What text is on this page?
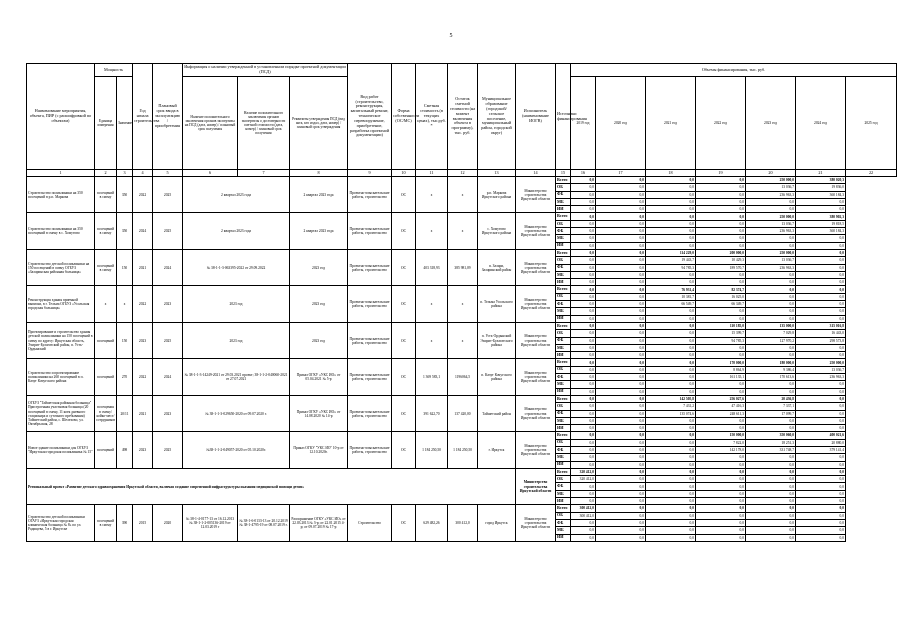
5
Наименование мероприятия, объекта, ПИР (с расшифровкой по объектам)	Мощность		Год начала строительства	Плановый срок ввода в эксплуатацию / приобретения	Информация о наличии утвержденной в установленном порядке проектной документации (ПСД)			Вид работ (строительство, реконструкция, капитальный ремонт, техническое перевооружение, приобретение, разработка проектной документации)	Форма собственности (ОС/МС)	Сметная стоимость (в текущих ценах), тыс.руб. *	Остаток сметной стоимости (на момент включения объекта в программу), тыс. руб.	Муниципальное образование (городской/сельское поселение, муниципальный район, городской округ)	Исполнитель (наименование ИОГВ)	Источники финансирования	Объемы финансирования, тыс. руб.						
	Единица измерения	Значение			Наличие положительного заключения органов экспертизы на ПСД (дата, номер) / плановый срок получения	Наличие положительного заключения органов экспертизы о достоверности сметной стоимости (дата, номер) / плановый срок получения	Реквизиты утверждения ПСД (вид акта, кто издал, дата, номер) / плановый срок утверждения								2019 год	2020 год	2021 год	2022 год	2023 год	2024 год	2025 год
1	2	3	4	5	6	7	8	9	10	11	12	13	14	15	16	17	18	19	20	21	22
Строительство поликлиники на 350 посещений в р.п. Маркова	посещений в смену	350	2022	2025	2 квартал 2023 года		2 квартал 2023 года	Проектно-изыскательские работы, строительство	ОС	х	х	р.п. Маркова Иркутского района	Министерство строительства Иркутской области	Всего	0,0	0,0	0,0	0,0	250 000,0	380 020,3	
														ОБ	0,0	0,0	0,0	0,0	13 036,7	19 836,0	
														ФБ	0,0	0,0	0,0	0,0	236 963,3	360 184,3	
														МБ	0,0	0,0	0,0	0,0	0,0	0,0	
														ИИ	0,0	0,0	0,0	0,0	0,0	0,0	
Строительство поликлиники на 350 посещений в смену в с. Хомутово	посещений в смену	350	2024	2025	2 квартал 2023 года		2 квартал 2023 года	Проектно-изыскательские работы, строительство	ОС	х	х	с. Хомутово Иркутского района	Министерство строительства Иркутской области	Всего	0,0	0,0	0,0	0,0	250 000,0	380 902,3	
														ОБ	0,0	0,0	0,0	0,0	13 036,7	19 818,5	
														ФБ	0,0	0,0	0,0	0,0	236 963,3	360 184,3	
														МБ	0,0	0,0	0,0	0,0	0,0	0,0	
														ИИ	0,0	0,0	0,0	0,0	0,0	0,0	
Строительство детской поликлиники на 150 посещений в смену ОГБУЗ «Заларинская районная больница»	посещений в смену	150	2021	2024	№ 38-1-1-3-063395-2022 от 29.09.2022		2023 год	Проектно-изыскательские работы, строительство	ОС	403 318,93	385 981,09	п. Залари, Заларинский район	Министерство строительства Иркутской области	Всего	0,0	0,0	114 229,0	200 000,0	250 000,0	0,0	
														ОБ	0,0	0,0	19 443,7	10 429,3	13 036,7	0,0	
														ФБ	0,0	0,0	94 785,3	189 570,7	236 963,3	0,0	
														МБ	0,0	0,0	0,0	0,0	0,0	0,0	
														ИИ	0,0	0,0	0,0	0,0	0,0	0,0	
Реконструкция здания приемной выписки, в г. Тельма ОГБУЗ «Усольская городская больница»	х	х	2022	2023	2023 год		2023 год	Проектно-изыскательские работы, строительство	ОС	х	х	п. Тельма Усольского района	Министерство строительства Иркутской области	Всего	0,0	0,0	76 931,4	82 374,7	0,0	0,0	
														ОБ	0,0	0,0	10 381,7	16 025,0	0,0	0,0	
														ФБ	0,0	0,0	66 549,7	66 349,7	0,0	0,0	
														МБ	0,0	0,0	0,0	0,0	0,0	0,0	
														ИИ	0,0	0,0	0,0	0,0	0,0	0,0	
Проектирование и строительство здания детской поликлиники на 150 посещений в смену по адресу: Иркутская область, Эхирит-Булагатский район, п. Усть-Ордынский	посещений	150	2023	2025	2023 год		2023 год	Проектно-изыскательские работы, строительство	ОС	х	х	п. Усть-Ордынский Эхирит-Булагатского района	Министерство строительства Иркутской области	Всего	0,0	0,0	0,0	110 185,0	135 000,0	315 016,8	
														ОБ	0,0	0,0	0,0	15 399,7	7 029,8	16 443,0	
														ФБ	0,0	0,0	0,0	94 785,3	127 970,2	298 573,8	
														МБ	0,0	0,0	0,0	0,0	0,0	0,0	
														ИИ	0,0	0,0	0,0	0,0	0,0	0,0	
Строительство и проектирование поликлиники на 260 посещений в п. Качуг Качугского района	посещений	270	2022	2024	№ 38-1-1-3-14249-2021 от 29.03.2021 проект; 38-1-1-2-040060-2021 от 27.07.2021		Приказ ОГКУ «УКС ИО» от 05.04.2021 № 5-р	Проектно-изыскательские работы, строительство	ОС	1 369 583,1	1196064,5	п. Качуг Качугского района	Министерство строительства Иркутской области	Всего	0,0	0,0	0,0	170 000,0	180 000,0	250 000,0	
														ОБ	0,0	0,0	0,0	8 864,9	9 386,4	13 036,7	
														ФБ	0,0	0,0	0,0	161 135,1	170 613,6	236 963,3	
														МБ	0,0	0,0	0,0	0,0	0,0	0,0	
														ИИ	0,0	0,0	0,0	0,0	0,0	0,0	
ОГБУЗ "Тайшетская районная больница" Пристроенная участковая больница (20 посещений в смену, 11 коек дневного стационара и суточного пребывания) Тайшетский район, с. Шелехово, ул. Октябрьская, 28	посещения в смену/койко-мест/сотрудников	20/11	2021	2023	№ 38-1-1-3-029650-2020 от 09.07.2020 г.		Приказ ОГКУ «УКС ИО» от 14.08.2020 № 14-р	Проектно-изыскательские работы, строительство	ОС	391 622,70	137 420,00	Тайшетский район	Министерство строительства Иркутской области	Всего	0,0	0,0	142 505,8	256 027,6	20 436,8	0,0	
														ОБ	0,0	0,0	7 431,2	47 416,3	7 337,1	0,0	
														ФБ	0,0	0,0	135 074,6	248 611,3	17 099,7	0,0	
														МБ	0,0	0,0	0,0	0,0	0,0	0,0	
														ИИ	0,0	0,0	0,0	0,0	0,0	0,0	
Новое здание поликлиники для ОГБУЗ "Иркутская городская поликлиника № 15"	посещений	498	2023	2025	№38-1-1-2-049057-2020 от 05.10.2020г.		Приказ ОГКУ "УКС ИО" 10-р от 12.10.2020г.	Проектно-изыскательские работы, строительство	ОС	1 184 250,50	1 184 250,50	г. Иркутск	Министерство строительства Иркутской области	Всего	0,0	0,0	0,0	150 000,0	350 060,0	400 021,6	
														ОБ	0,0	0,0	0,0	7 822,0	18 251,3	20 880,0	
														ФБ	0,0	0,0	0,0	142 178,0	331 748,7	379 141,4	
														МБ	0,0	0,0	0,0	0,0	0,0	0,0	
														ИИ	0,0	0,0	0,0	0,0	0,0	0,0	
Региональный проект «Развитие детского здравоохранения Иркутской области, включая создание современной инфраструктуры оказания медицинской помощи детям»													Министерство строительства Иркутской области	Всего	320 412,0	0,0	0,0	0,0	0,0	0,0	
														ОБ	320 412,0	0,0	0,0	0,0	0,0	0,0	
														ФБ	0,0	0,0	0,0	0,0	0,0	0,0	
														МБ	0,0	0,0	0,0	0,0	0,0	0,0	
														ИИ	0,0	0,0	0,0	0,0	0,0	0,0	
Строительство детской поликлиники ОГАУЗ «Иркутская городская клиническая больница № 8» по ул. Радищева, 5 в г. Иркутске	посещений в смену	390	2015	2020	№ 38-1-4-0177-13 от 16.12.2013 № 38-1-1-2-005136-2019 от 12.03.2019 г	№ 38-1-6-0133-13 от 20.12.2019 № 38-1-4795-19 от 08.07.2019 г.	Распоряжение ОГКУ «УКС ИО» от 22.03.2013 № 3-р; от 22.01.2015 4-р; от 09.07.2019 № 17-р	Строительство	ОС	629 482,26	300 412,0	город Иркутск	Министерство строительства Иркутской области	Всего	300 412,0	0,0	0,0	0,0	0,0	0,0	
														ОБ	300 412,0	0,0	0,0	0,0	0,0	0,0	
														ФБ	0,0	0,0	0,0	0,0	0,0	0,0	
														МБ	0,0	0,0	0,0	0,0	0,0	0,0	
														ИИ	0,0	0,0	0,0	0,0	0,0	0,0	
